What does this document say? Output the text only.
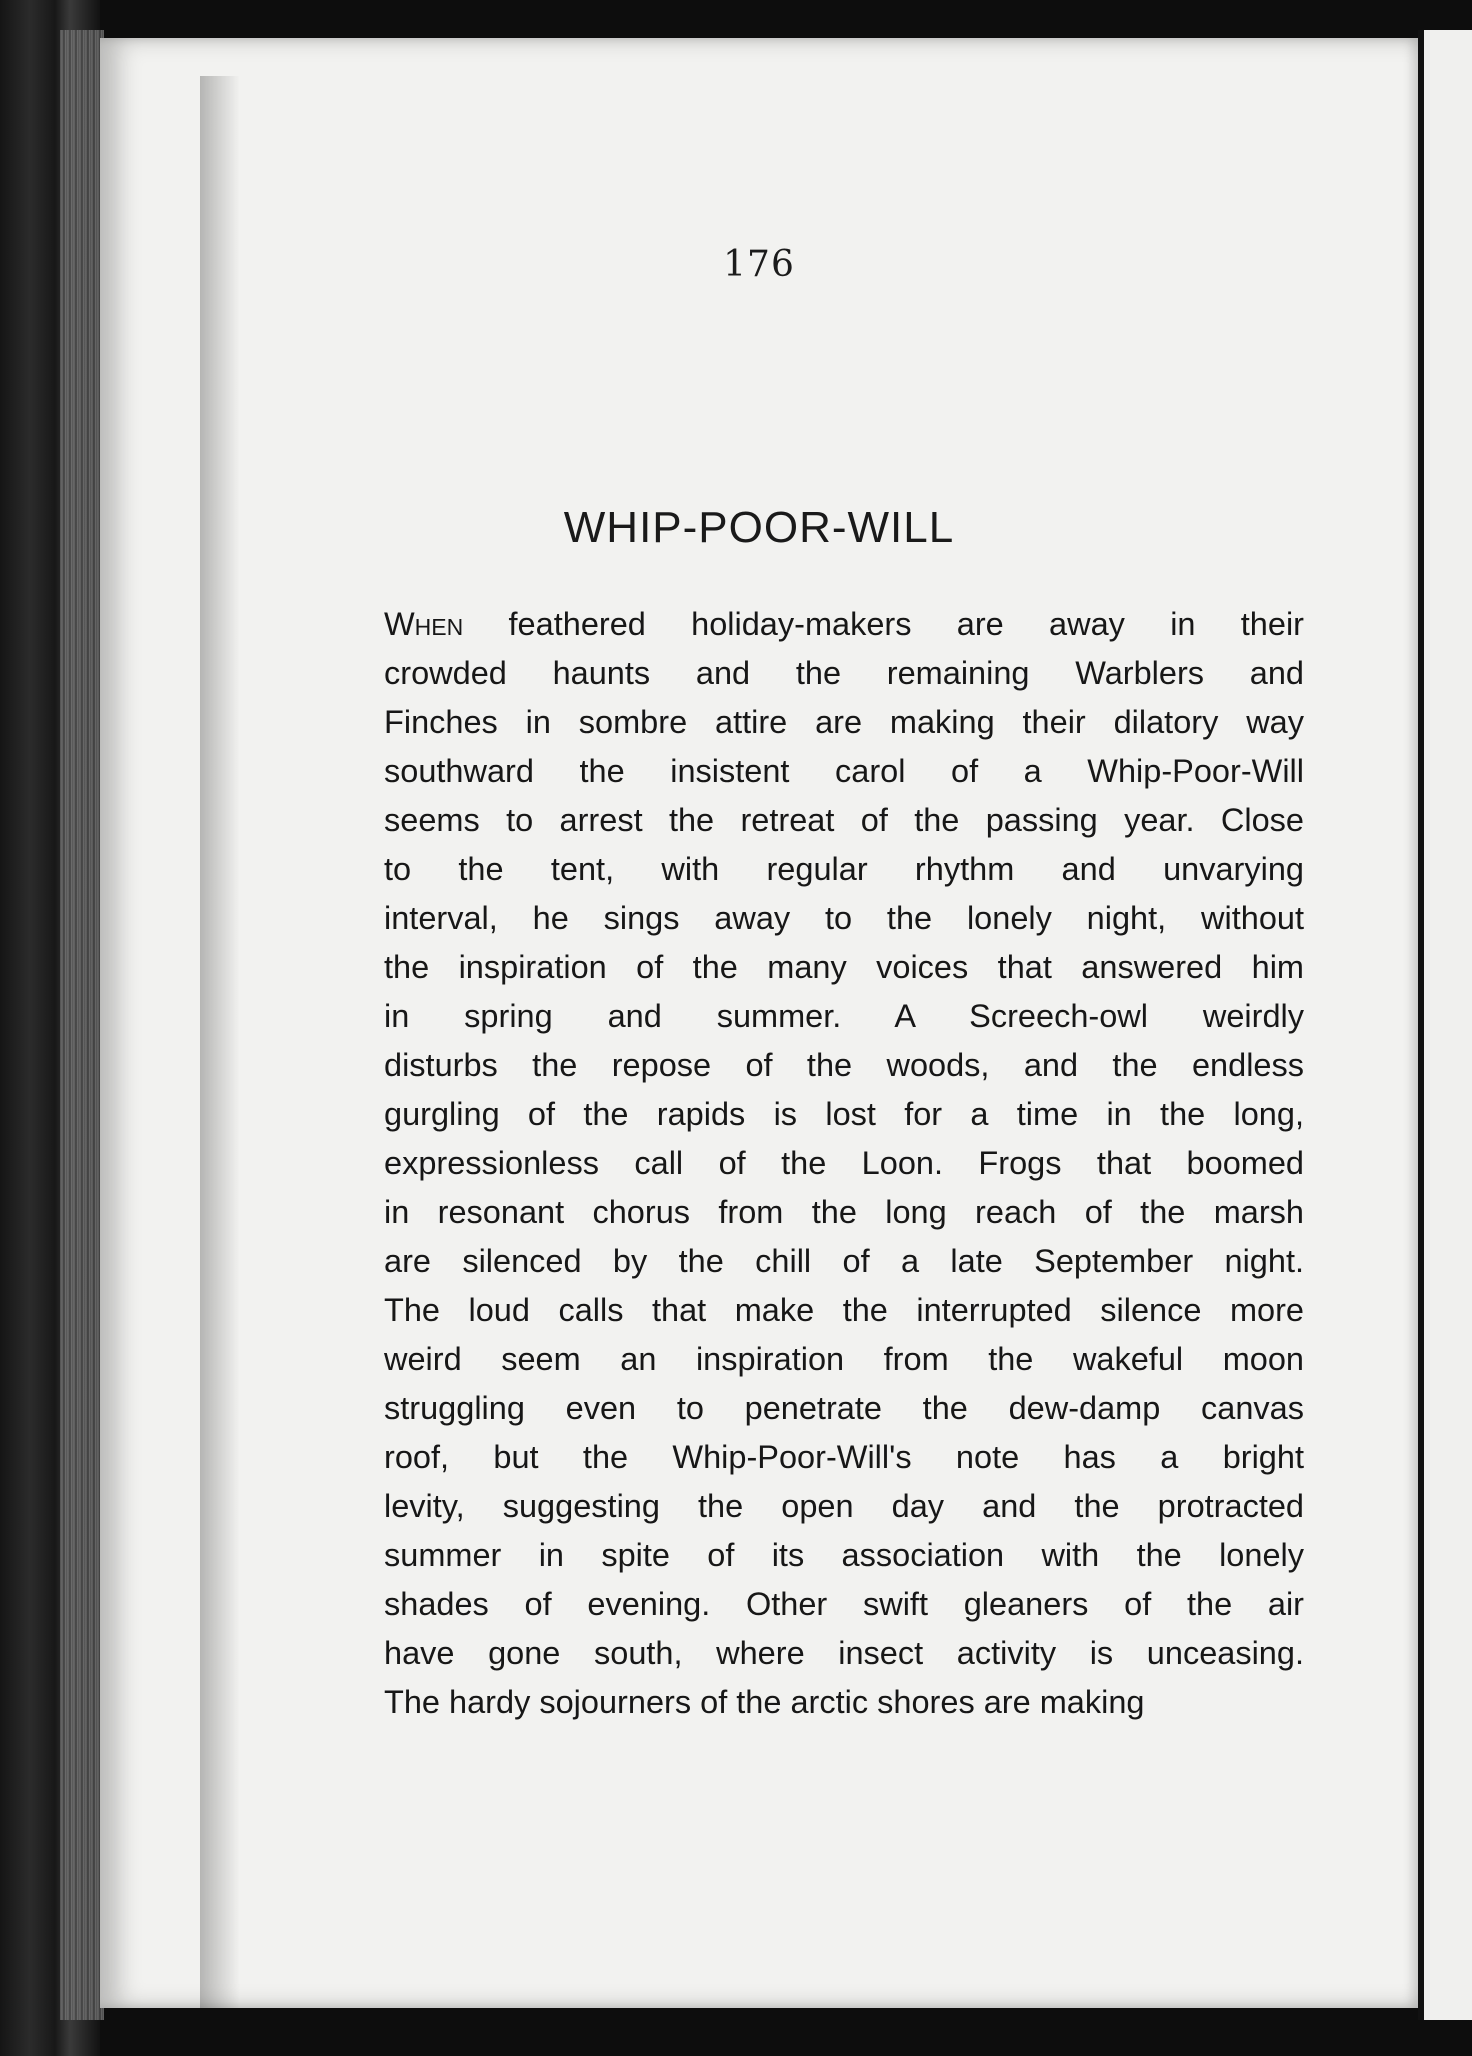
176
WHIP-POOR-WILL
When feathered holiday-makers are away in their
crowded haunts and the remaining Warblers and
Finches in sombre attire are making their dilatory way
southward the insistent carol of a Whip-Poor-Will
seems to arrest the retreat of the passing year. Close
to the tent, with regular rhythm and unvarying
interval, he sings away to the lonely night, without
the inspiration of the many voices that answered him
in spring and summer. A Screech-owl weirdly
disturbs the repose of the woods, and the endless
gurgling of the rapids is lost for a time in the long,
expressionless call of the Loon. Frogs that boomed
in resonant chorus from the long reach of the marsh
are silenced by the chill of a late September night.
The loud calls that make the interrupted silence more
weird seem an inspiration from the wakeful moon
struggling even to penetrate the dew-damp canvas
roof, but the Whip-Poor-Will's note has a bright
levity, suggesting the open day and the protracted
summer in spite of its association with the lonely
shades of evening. Other swift gleaners of the air
have gone south, where insect activity is unceasing.
The hardy sojourners of the arctic shores are making
